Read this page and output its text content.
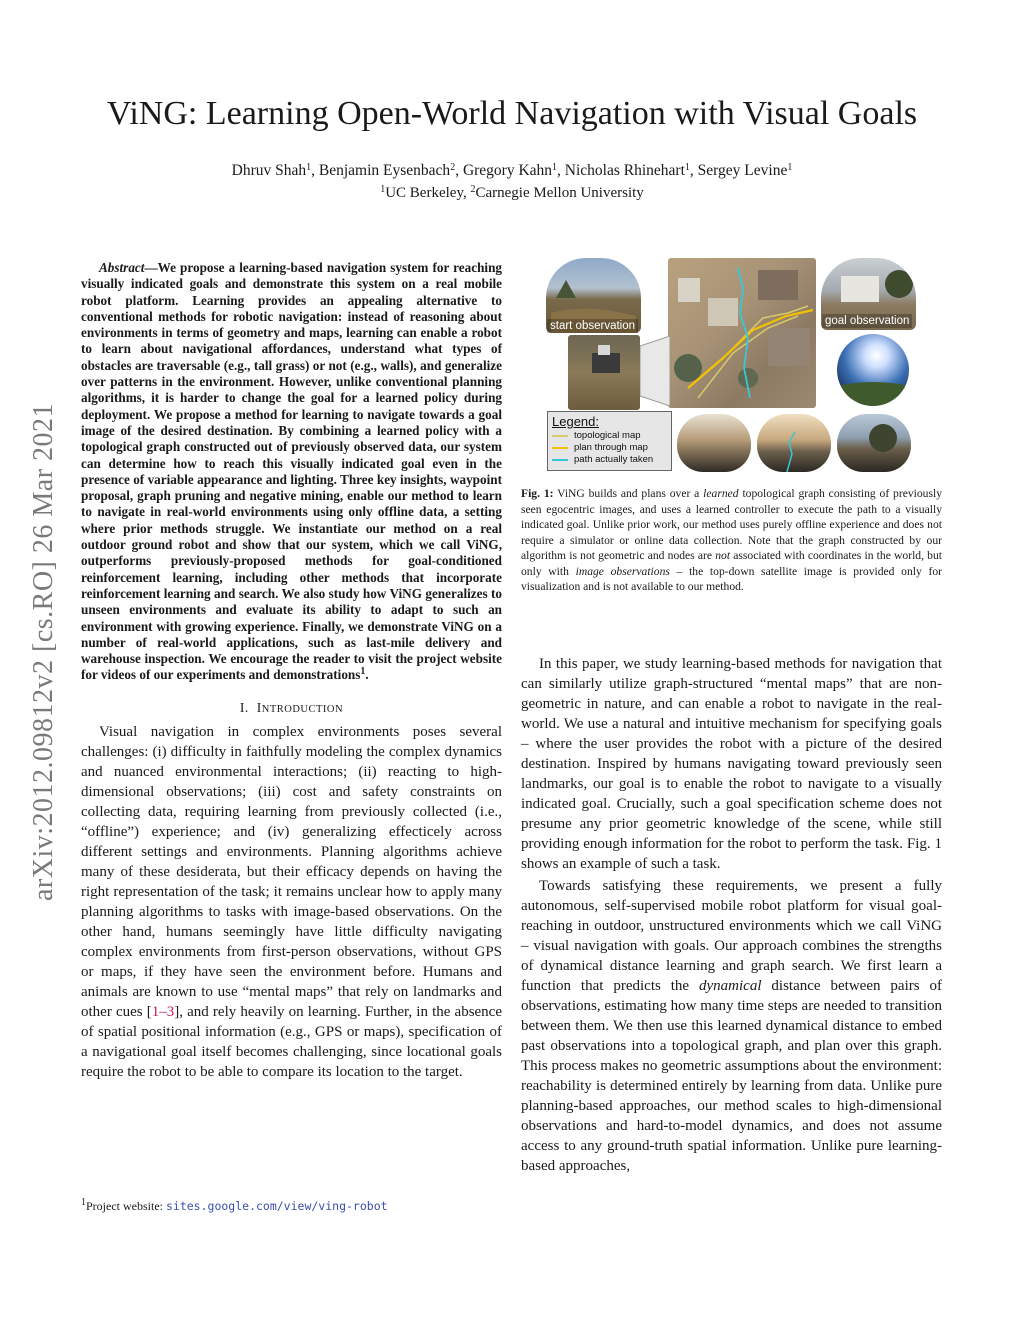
arXiv:2012.09812v2 [cs.RO] 26 Mar 2021
ViNG: Learning Open-World Navigation with Visual Goals
Dhruv Shah$^1$, Benjamin Eysenbach$^2$, Gregory Kahn$^1$, Nicholas Rhinehart$^1$, Sergey Levine$^1$
$^1$UC Berkeley, $^2$Carnegie Mellon University

Abstract—We propose a learning-based navigation system for reaching visually indicated goals and demonstrate this system on a real mobile robot platform. Learning provides an appealing alternative to conventional methods for robotic navigation: instead of reasoning about environments in terms of geometry and maps, learning can enable a robot to learn about navigational affordances, understand what types of obstacles are traversable (e.g., tall grass) or not (e.g., walls), and generalize over patterns in the environment. However, unlike conventional planning algorithms, it is harder to change the goal for a learned policy during deployment. We propose a method for learning to navigate towards a goal image of the desired destination. By combining a learned policy with a topological graph constructed out of previously observed data, our system can determine how to reach this visually indicated goal even in the presence of variable appearance and lighting. Three key insights, waypoint proposal, graph pruning and negative mining, enable our method to learn to navigate in real-world environments using only offline data, a setting where prior methods struggle. We instantiate our method on a real outdoor ground robot and show that our system, which we call ViNG, outperforms previously-proposed methods for goal-conditioned reinforcement learning, including other methods that incorporate reinforcement learning and search. We also study how ViNG generalizes to unseen environments and evaluate its ability to adapt to such an environment with growing experience. Finally, we demonstrate ViNG on a number of real-world applications, such as last-mile delivery and warehouse inspection. We encourage the reader to visit the project website for videos of our experiments and demonstrations$^1$.

I. INTRODUCTION

Visual navigation in complex environments poses several challenges: (i) difficulty in faithfully modeling the complex dynamics and nuanced environmental interactions; (ii) reacting to high-dimensional observations; (iii) cost and safety constraints on collecting data, requiring learning from previously collected (i.e., “offline”) experience; and (iv) generalizing effecticely across different settings and environments. Planning algorithms achieve many of these desiderata, but their efficacy depends on having the right representation of the task; it remains unclear how to apply many planning algorithms to tasks with image-based observations. On the other hand, humans seemingly have little difficulty navigating complex environments from first-person observations, without GPS or maps, if they have seen the environment before. Humans and animals are known to use “mental maps” that rely on landmarks and other cues [1–3], and rely heavily on learning. Further, in the absence of spatial positional information (e.g., GPS or maps), specification of a navigational goal itself becomes challenging, since locational goals require the robot to be able to compare its location to the target.

$^1$Project website: sites.google.com/view/ving-robot
start observation	goal observation
Legend:
topological map
plan through map
path actually taken
Fig. 1: ViNG builds and plans over a learned topological graph consisting of previously seen egocentric images, and uses a learned controller to execute the path to a visually indicated goal. Unlike prior work, our method uses purely offline experience and does not require a simulator or online data collection. Note that the graph constructed by our algorithm is not geometric and nodes are not associated with coordinates in the world, but only with image observations – the top-down satellite image is provided only for visualization and is not available to our method.

In this paper, we study learning-based methods for navigation that can similarly utilize graph-structured “mental maps” that are non-geometric in nature, and can enable a robot to navigate in the real-world. We use a natural and intuitive mechanism for specifying goals – where the user provides the robot with a picture of the desired destination. Inspired by humans navigating toward previously seen landmarks, our goal is to enable the robot to navigate to a visually indicated goal. Crucially, such a goal specification scheme does not presume any prior geometric knowledge of the scene, while still providing enough information for the robot to perform the task. Fig. 1 shows an example of such a task.

Towards satisfying these requirements, we present a fully autonomous, self-supervised mobile robot platform for visual goal-reaching in outdoor, unstructured environments which we call ViNG – visual navigation with goals. Our approach combines the strengths of dynamical distance learning and graph search. We first learn a function that predicts the dynamical distance between pairs of observations, estimating how many time steps are needed to transition between them. We then use this learned dynamical distance to embed past observations into a topological graph, and plan over this graph. This process makes no geometric assumptions about the environment: reachability is determined entirely by learning from data. Unlike pure planning-based approaches, our method scales to high-dimensional observations and hard-to-model dynamics, and does not assume access to any ground-truth spatial information. Unlike pure learning-based approaches,
